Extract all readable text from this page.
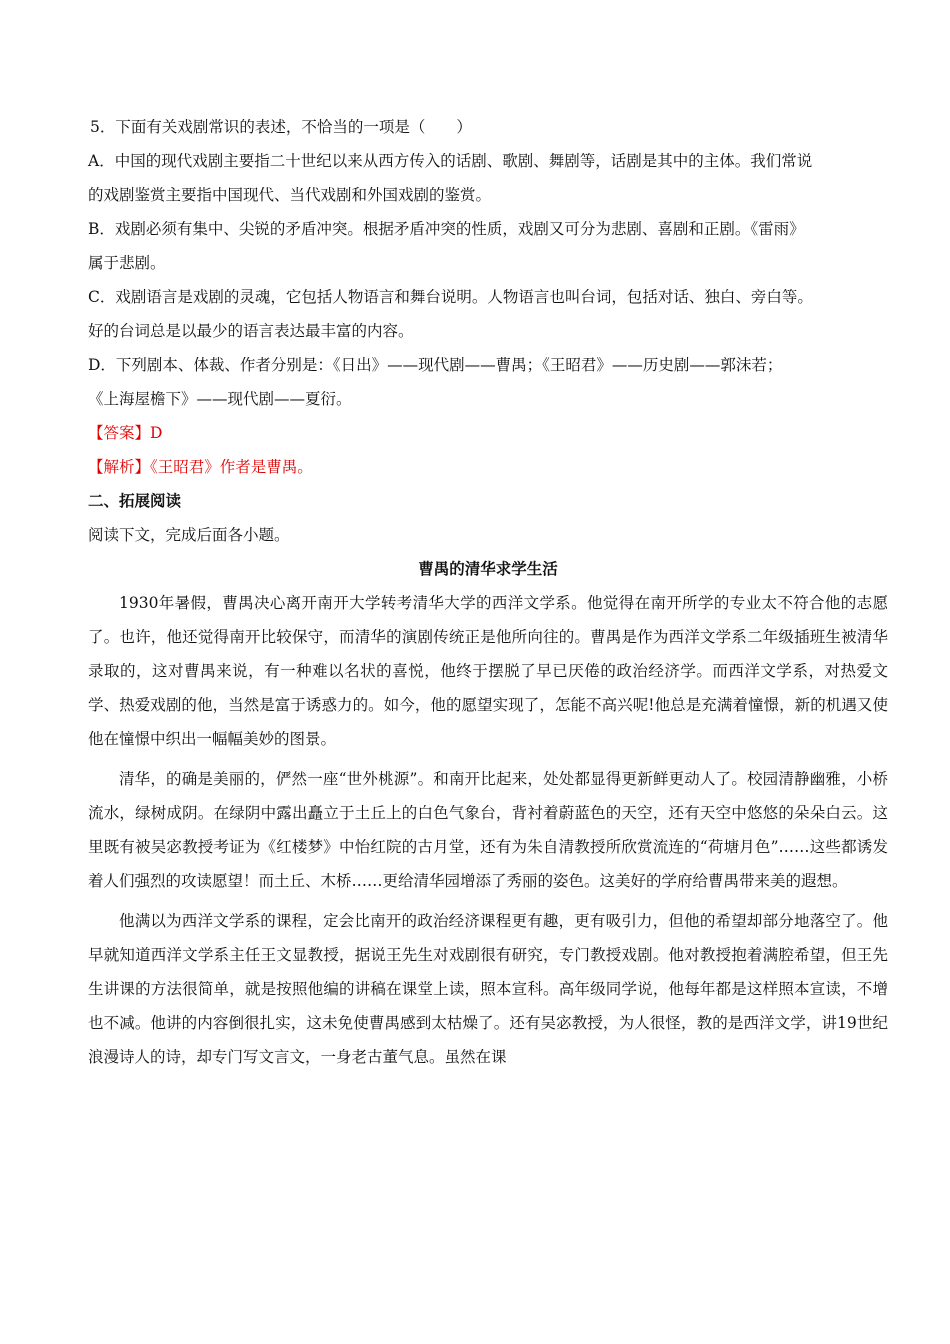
5．下面有关戏剧常识的表述，不恰当的一项是（　　）
A．中国的现代戏剧主要指二十世纪以来从西方传入的话剧、歌剧、舞剧等，话剧是其中的主体。我们常说
的戏剧鉴赏主要指中国现代、当代戏剧和外国戏剧的鉴赏。
B．戏剧必须有集中、尖锐的矛盾冲突。根据矛盾冲突的性质，戏剧又可分为悲剧、喜剧和正剧。《雷雨》
属于悲剧。
C．戏剧语言是戏剧的灵魂，它包括人物语言和舞台说明。人物语言也叫台词，包括对话、独白、旁白等。
好的台词总是以最少的语言表达最丰富的内容。
D．下列剧本、体裁、作者分别是：《日出》——现代剧——曹禺；《王昭君》——历史剧——郭沫若；
《上海屋檐下》——现代剧——夏衍。
【答案】D
【解析】《王昭君》作者是曹禺。
二、拓展阅读
阅读下文，完成后面各小题。

曹禺的清华求学生活

1930年暑假，曹禺决心离开南开大学转考清华大学的西洋文学系。他觉得在南开所学的专业太不符合他的志愿了。也许，他还觉得南开比较保守，而清华的演剧传统正是他所向往的。曹禺是作为西洋文学系二年级插班生被清华录取的，这对曹禺来说，有一种难以名状的喜悦，他终于摆脱了早已厌倦的政治经济学。而西洋文学系，对热爱文学、热爱戏剧的他，当然是富于诱惑力的。如今，他的愿望实现了，怎能不高兴呢!他总是充满着憧憬，新的机遇又使他在憧憬中织出一幅幅美妙的图景。

清华，的确是美丽的，俨然一座“世外桃源”。和南开比起来，处处都显得更新鲜更动人了。校园清静幽雅，小桥流水，绿树成阴。在绿阴中露出矗立于土丘上的白色气象台，背衬着蔚蓝色的天空，还有天空中悠悠的朵朵白云。这里既有被吴宓教授考证为《红楼梦》中怡红院的古月堂，还有为朱自清教授所欣赏流连的“荷塘月色”……这些都诱发着人们强烈的攻读愿望！而土丘、木桥……更给清华园增添了秀丽的姿色。这美好的学府给曹禺带来美的遐想。

他满以为西洋文学系的课程，定会比南开的政治经济课程更有趣，更有吸引力，但他的希望却部分地落空了。他早就知道西洋文学系主任王文显教授，据说王先生对戏剧很有研究，专门教授戏剧。他对教授抱着满腔希望，但王先生讲课的方法很简单，就是按照他编的讲稿在课堂上读，照本宣科。高年级同学说，他每年都是这样照本宣读，不增也不减。他讲的内容倒很扎实，这未免使曹禺感到太枯燥了。还有吴宓教授，为人很怪，教的是西洋文学，讲19世纪浪漫诗人的诗，却专门写文言文，一身老古董气息。虽然在课
